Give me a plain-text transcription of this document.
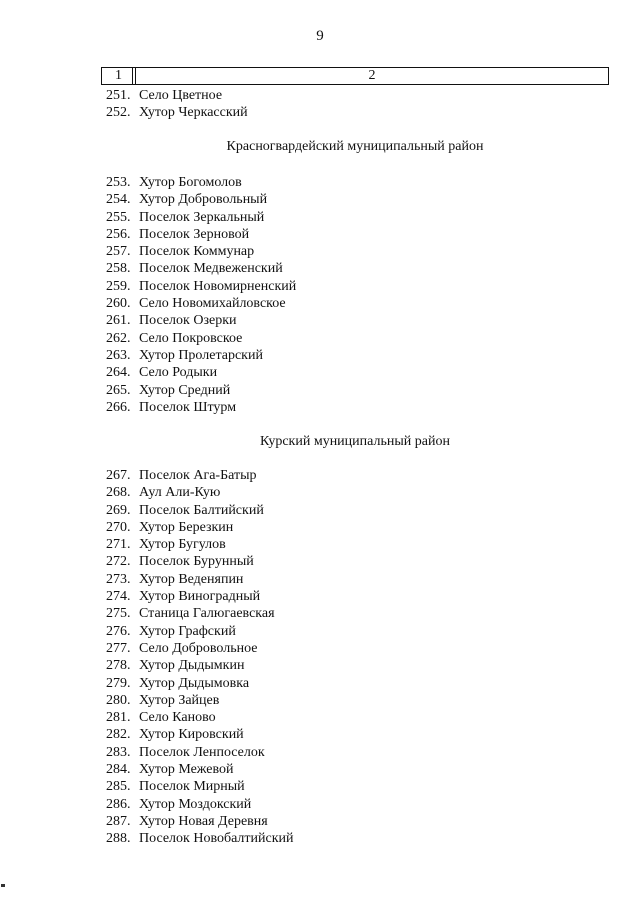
9
1	2
251. Село Цветное
252. Хутор Черкасский
Красногвардейский муниципальный район
253. Хутор Богомолов
254. Хутор Добровольный
255. Поселок Зеркальный
256. Поселок Зерновой
257. Поселок Коммунар
258. Поселок Медвеженский
259. Поселок Новомирненский
260. Село Новомихайловское
261. Поселок Озерки
262. Село Покровское
263. Хутор Пролетарский
264. Село Родыки
265. Хутор Средний
266. Поселок Штурм
Курский муниципальный район
267. Поселок Ага-Батыр
268. Аул Али-Кую
269. Поселок Балтийский
270. Хутор Березкин
271. Хутор Бугулов
272. Поселок Бурунный
273. Хутор Веденяпин
274. Хутор Виноградный
275. Станица Галюгаевская
276. Хутор Графский
277. Село Добровольное
278. Хутор Дыдымкин
279. Хутор Дыдымовка
280. Хутор Зайцев
281. Село Каново
282. Хутор Кировский
283. Поселок Ленпоселок
284. Хутор Межевой
285. Поселок Мирный
286. Хутор Моздокский
287. Хутор Новая Деревня
288. Поселок Новобалтийский
